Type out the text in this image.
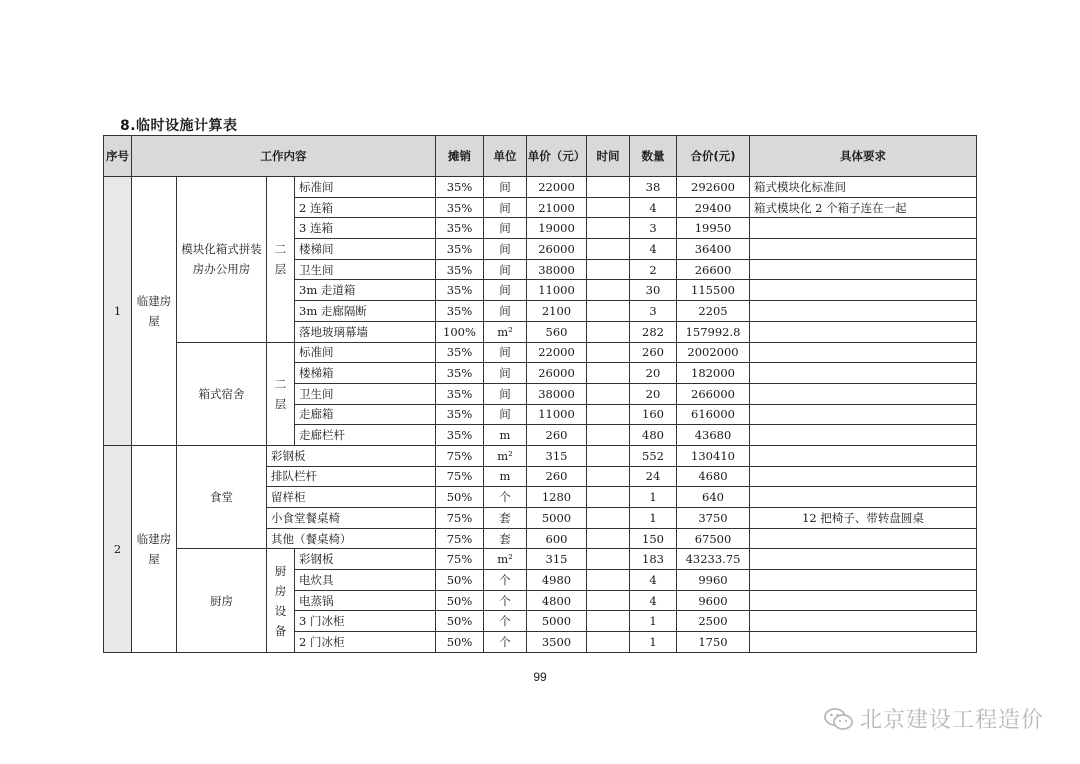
8.临时设施计算表
序号	工作内容				摊销	单位	单价（元）	时间	数量	合价(元)	具体要求
1	临建房屋	模块化箱式拼装房办公用房	二层	标准间	35%	间	22000		38	292600	箱式模块化标准间
				2 连箱	35%	间	21000		4	29400	箱式模块化 2 个箱子连在一起
				3 连箱	35%	间	19000		3	19950	
				楼梯间	35%	间	26000		4	36400	
				卫生间	35%	间	38000		2	26600	
				3m 走道箱	35%	间	11000		30	115500	
				3m 走廊隔断	35%	间	2100		3	2205	
				落地玻璃幕墙	100%	m²	560		282	157992.8	
		箱式宿舍	二层	标准间	35%	间	22000		260	2002000	
				楼梯箱	35%	间	26000		20	182000	
				卫生间	35%	间	38000		20	266000	
				走廊箱	35%	间	11000		160	616000	
				走廊栏杆	35%	m	260		480	43680	
2	临建房屋	食堂	彩钢板		75%	m²	315		552	130410	
			排队栏杆		75%	m	260		24	4680	
			留样柜		50%	个	1280		1	640	
			小食堂餐桌椅		75%	套	5000		1	3750	12 把椅子、带转盘圆桌
			其他（餐桌椅）		75%	套	600		150	67500	
		厨房	厨房设备	彩钢板	75%	m²	315		183	43233.75	
				电炊具	50%	个	4980		4	9960	
				电蒸锅	50%	个	4800		4	9600	
				3 门冰柜	50%	个	5000		1	2500	
				2 门冰柜	50%	个	3500		1	1750	
99
北京建设工程造价
